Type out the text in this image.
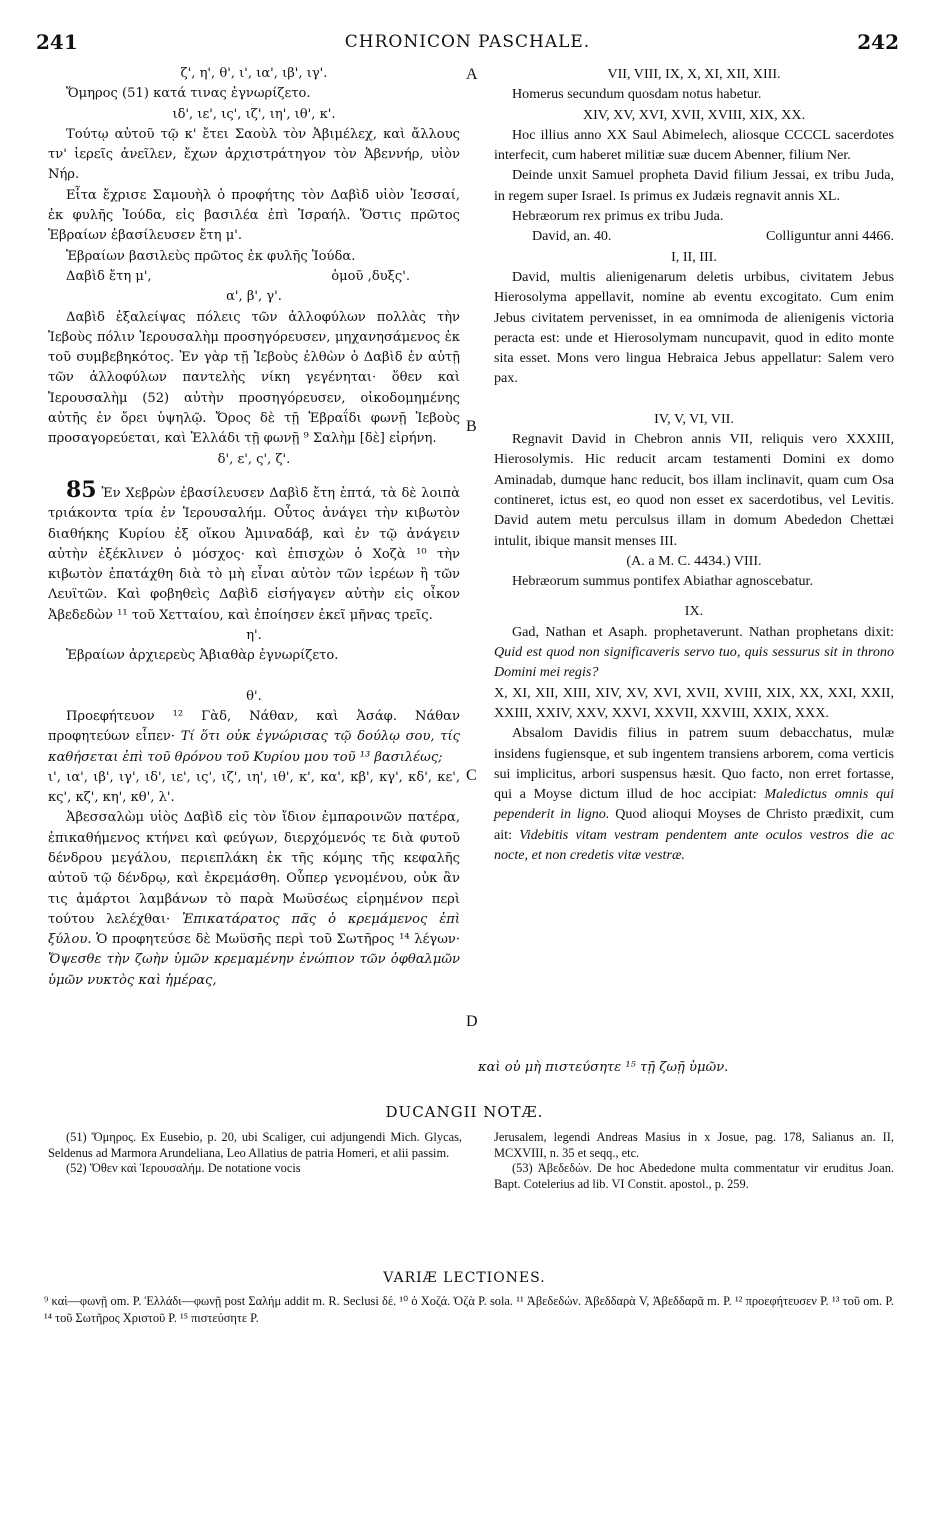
241	CHRONICON PASCHALE.	242
A
B
C
D

ζ', η', θ', ι', ια', ιβ', ιγ'.

Ὅμηρος (51) κατά τινας ἐγνωρίζετο.

ιδ', ιε', ις', ιζ', ιη', ιθ', κ'.

Τούτῳ αὐτοῦ τῷ κ' ἔτει Σαοὺλ τὸν Ἀβιμέλεχ, καὶ ἄλλους τν' ἱερεῖς ἀνεῖλεν, ἔχων ἀρχιστράτηγον τὸν Ἀβεννήρ, υἱὸν Νήρ.

Εἶτα ἔχρισε Σαμουὴλ ὁ προφήτης τὸν Δαβὶδ υἱὸν Ἰεσσαί, ἐκ φυλῆς Ἰούδα, εἰς βασιλέα ἐπὶ Ἰσραήλ. Ὅστις πρῶτος Ἑβραίων ἐβασίλευσεν ἔτη μ'.

Ἑβραίων βασιλεὺς πρῶτος ἐκ φυλῆς Ἰούδα.

Δαβὶδ ἔτη μ',	ὁμοῦ ,δυξς'.

α', β', γ'.

Δαβὶδ ἐξαλείψας πόλεις τῶν ἀλλοφύλων πολλὰς τὴν Ἰεβοὺς πόλιν Ἱερουσαλὴμ προσηγόρευσεν, μηχανησάμενος ἐκ τοῦ συμβεβηκότος. Ἐν γὰρ τῇ Ἰεβοὺς ἐλθὼν ὁ Δαβὶδ ἐν αὐτῇ τῶν ἀλλοφύλων παντελὴς νίκη γεγένηται· ὅθεν καὶ Ἱερουσαλὴμ (52) αὐτὴν προσηγόρευσεν, οἰκοδομημένης αὐτῆς ἐν ὄρει ὑψηλῷ. Ὄρος δὲ τῇ Ἑβραΐδι φωνῇ Ἰεβοὺς προσαγορεύεται, καὶ Ἑλλάδι τῇ φωνῇ ⁹ Σαλὴμ [δὲ] εἰρήνη.

δ', ε', ς', ζ'.

85 Ἐν Χεβρὼν ἐβασίλευσεν Δαβὶδ ἔτη ἑπτά, τὰ δὲ λοιπὰ τριάκοντα τρία ἐν Ἱερουσαλήμ. Οὗτος ἀνάγει τὴν κιβωτὸν διαθήκης Κυρίου ἐξ οἴκου Ἀμιναδάβ, καὶ ἐν τῷ ἀνάγειν αὐτὴν ἐξέκλινεν ὁ μόσχος· καὶ ἐπισχὼν ὁ Χοζὰ ¹⁰ τὴν κιβωτὸν ἐπατάχθη διὰ τὸ μὴ εἶναι αὐτὸν τῶν ἱερέων ἢ τῶν Λευϊτῶν. Καὶ φοβηθεὶς Δαβὶδ εἰσήγαγεν αὐτὴν εἰς οἶκον Ἀβεδεδὼν ¹¹ τοῦ Χετταίου, καὶ ἐποίησεν ἐκεῖ μῆνας τρεῖς.

η'.

Ἑβραίων ἀρχιερεὺς Ἀβιαθὰρ ἐγνωρίζετο.

θ'.

Προεφήτευον ¹² Γὰδ, Νάθαν, καὶ Ἀσάφ. Νάθαν προφητεύων εἶπεν· Τί ὅτι οὐκ ἐγνώρισας τῷ δούλῳ σου, τίς καθήσεται ἐπὶ τοῦ θρόνου τοῦ Κυρίου μου τοῦ ¹³ βασιλέως;

ι', ια', ιβ', ιγ', ιδ', ιε', ις', ιζ', ιη', ιθ', κ', κα', κβ', κγ', κδ', κε', κς', κζ', κη', κθ', λ'.

Ἀβεσσαλὼμ υἱὸς Δαβὶδ εἰς τὸν ἴδιον ἐμπαροινῶν πατέρα, ἐπικαθήμενος κτήνει καὶ φεύγων, διερχόμενός τε διὰ φυτοῦ δένδρου μεγάλου, περιεπλάκη ἐκ τῆς κόμης τῆς κεφαλῆς αὐτοῦ τῷ δένδρῳ, καὶ ἐκρεμάσθη. Οὗπερ γενομένου, οὐκ ἂν τις ἁμάρτοι λαμβάνων τὸ παρὰ Μωϋσέως εἰρημένον περὶ τούτου λελέχθαι· Ἐπικατάρατος πᾶς ὁ κρεμάμενος ἐπὶ ξύλου. Ὁ προφητεύσε δὲ Μωϋσῆς περὶ τοῦ Σωτῆρος ¹⁴ λέγων· Ὄψεσθε τὴν ζωὴν ὑμῶν κρεμαμένην ἐνώπιον τῶν ὀφθαλμῶν ὑμῶν νυκτὸς καὶ ἡμέρας,

VII, VIII, IX, X, XI, XII, XIII.

Homerus secundum quosdam notus habetur.

XIV, XV, XVI, XVII, XVIII, XIX, XX.

Hoc illius anno XX Saul Abimelech, aliosque CCCCL sacerdotes interfecit, cum haberet militiæ suæ ducem Abenner, filium Ner.

Deinde unxit Samuel propheta David filium Jessai, ex tribu Juda, in regem super Israel. Is primus ex Judæis regnavit annis XL.

Hebræorum rex primus ex tribu Juda.

David, an. 40.	Colliguntur anni 4466.

I, II, III.

David, multis alienigenarum deletis urbibus, civitatem Jebus Hierosolyma appellavit, nomine ab eventu excogitato. Cum enim Jebus civitatem pervenisset, in ea omnimoda de alienigenis victoria peracta est: unde et Hierosolymam nuncupavit, quod in edito monte sita esset. Mons vero lingua Hebraica Jebus appellatur: Salem vero pax.

IV, V, VI, VII.

Regnavit David in Chebron annis VII, reliquis vero XXXIII, Hierosolymis. Hic reducit arcam testamenti Domini ex domo Aminadab, dumque hanc reducit, bos illam inclinavit, quam cum Osa contineret, ictus est, eo quod non esset ex sacerdotibus, vel Levitis. David autem metu perculsus illam in domum Abededon Chettæi intulit, ibique mansit menses III.

(A. a M. C. 4434.) VIII.

Hebræorum summus pontifex Abiathar agnoscebatur.

IX.

Gad, Nathan et Asaph. prophetaverunt. Nathan prophetans dixit: Quid est quod non significaveris servo tuo, quis sessurus sit in throno Domini mei regis?

X, XI, XII, XIII, XIV, XV, XVI, XVII, XVIII, XIX, XX, XXI, XXII, XXIII, XXIV, XXV, XXVI, XXVII, XXVIII, XXIX, XXX.

Absalom Davidis filius in patrem suum debacchatus, mulæ insidens fugiensque, et sub ingentem transiens arborem, coma verticis sui implicitus, arbori suspensus hæsit. Quo facto, non erret fortasse, qui a Moyse dictum illud de hoc accipiat: Maledictus omnis qui pependerit in ligno. Quod alioqui Moyses de Christo prædixit, cum ait: Videbitis vitam vestram pendentem ante oculos vestros die ac nocte, et non credetis vitæ vestræ.

καὶ οὐ μὴ πιστεύσητε ¹⁵ τῇ ζωῇ ὑμῶν.
DUCANGII NOTÆ.

(51) Ὅμηρος. Ex Eusebio, p. 20, ubi Scaliger, cui adjungendi Mich. Glycas, Seldenus ad Marmora Arundeliana, Leo Allatius de patria Homeri, et alii passim.

(52) Ὅθεν καὶ Ἱερουσαλήμ. De notatione vocis

Jerusalem, legendi Andreas Masius in x Josue, pag. 178, Salianus an. II, MCXVIII, n. 35 et seqq., etc.

(53) Ἀβεδεδών. De hoc Abededone multa commentatur vir eruditus Joan. Bapt. Cotelerius ad lib. VI Constit. apostol., p. 259.

VARIÆ LECTIONES.

⁹ καὶ—φωνῇ om. P. Ἑλλάδι—φωνῇ post Σαλήμ addit m. R. Seclusi δέ. ¹⁰ ὁ Χοζά. Ὀζὰ P. sola. ¹¹ Ἀβεδεδών. Ἀβεδδαρὰ V, Ἀβεδδαρᾶ m. P. ¹² προεφήτευσεν P. ¹³ τοῦ om. P. ¹⁴ τοῦ Σωτῆρος Χριστοῦ P. ¹⁵ πιστεύσητε P.
